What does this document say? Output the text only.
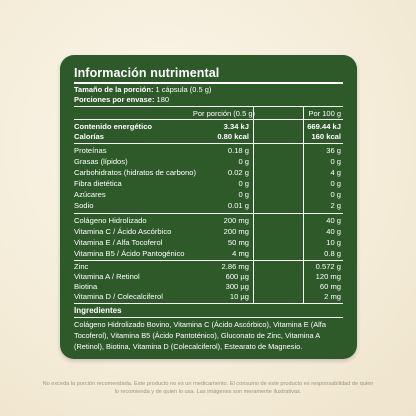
Información nutrimental
Tamaño de la porción: 1 cápsula (0.5 g)
Porciones por envase: 180
Por porción (0.5 g)	Por 100 g
Contenido energético	3.34 kJ	669.44 kJ
Calorías	0.80 kcal	160 kcal
Proteínas	0.18 g	36 g
Grasas (lípidos)	0 g	0 g
Carbohidratos (hidratos de carbono)	0.02 g	4 g
Fibra dietética	0 g	0 g
Azúcares	0 g	0 g
Sodio	0.01 g	2 g
Colágeno Hidrolizado	200 mg	40 g
Vitamina C / Ácido Ascórbico	200 mg	40 g
Vitamina E / Alfa Tocoferol	50 mg	10 g
Vitamina B5 / Ácido Pantogénico	4 mg	0.8 g
Zinc	2.86 mg	0.572 g
Vitamina A / Retinol	600 µg	120 mg
Biotina	300 µg	60 mg
Vitamina D / Colecalciferol	10 µg	2 mg
Ingredientes
Colágeno Hidrolizado Bovino, Vitamina C (Ácido Ascórbico), Vitamina E (Alfa Tocoferol), Vitamina B5 (Ácido Pantoténico), Gluconato de Zinc, Vitamina A (Retinol), Biotina, Vitamina D (Colecalciferol), Estearato de Magnesio.
No exceda la porción recomendada. Este producto no es un medicamento. El consumo de este producto es responsabilidad de quien lo recomienda y de quien lo usa. Las imágenes son meramente ilustrativas.
